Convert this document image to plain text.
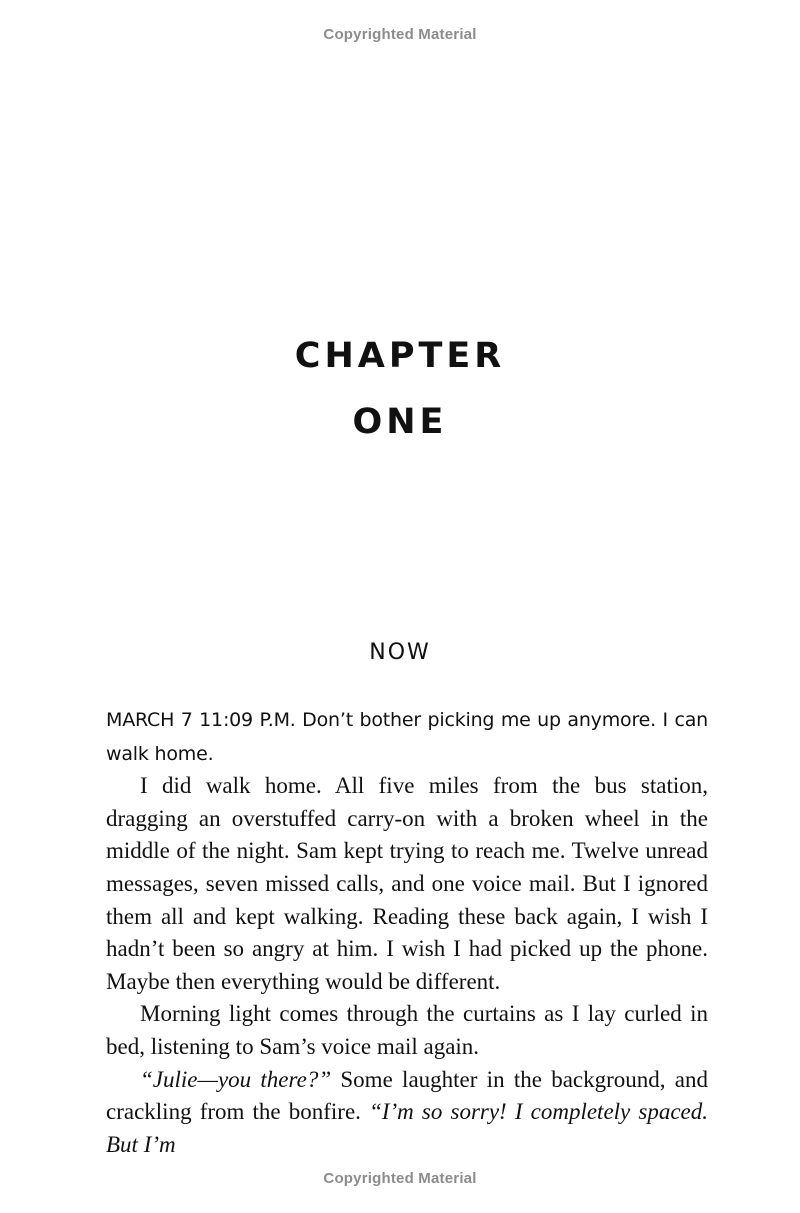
Copyrighted Material
CHAPTER
ONE
NOW

MARCH 7 11:09 P.M. Don’t bother picking me up anymore. I can walk home.

I did walk home. All five miles from the bus station, dragging an overstuffed carry-on with a broken wheel in the middle of the night. Sam kept trying to reach me. Twelve unread messages, seven missed calls, and one voice mail. But I ignored them all and kept walking. Reading these back again, I wish I hadn’t been so angry at him. I wish I had picked up the phone. Maybe then everything would be different.

Morning light comes through the curtains as I lay curled in bed, listening to Sam’s voice mail again.

“Julie—you there?” Some laughter in the background, and crackling from the bonfire. “I’m so sorry! I completely spaced. But I’m

Copyrighted Material
